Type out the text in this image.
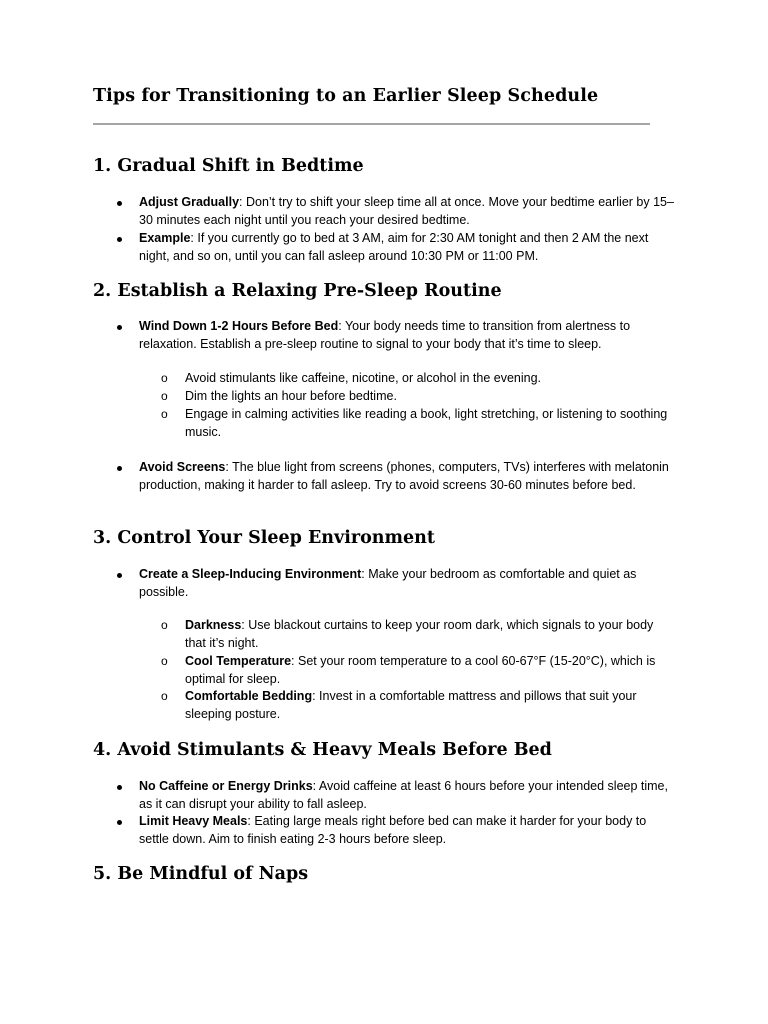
Tips for Transitioning to an Earlier Sleep Schedule
1. Gradual Shift in Bedtime
Adjust Gradually: Don’t try to shift your sleep time all at once. Move your bedtime earlier by 15–30 minutes each night until you reach your desired bedtime.
Example: If you currently go to bed at 3 AM, aim for 2:30 AM tonight and then 2 AM the next night, and so on, until you can fall asleep around 10:30 PM or 11:00 PM.
2. Establish a Relaxing Pre-Sleep Routine
Wind Down 1-2 Hours Before Bed: Your body needs time to transition from alertness to relaxation. Establish a pre-sleep routine to signal to your body that it’s time to sleep.
o Avoid stimulants like caffeine, nicotine, or alcohol in the evening.
o Dim the lights an hour before bedtime.
o Engage in calming activities like reading a book, light stretching, or listening to soothing music.
Avoid Screens: The blue light from screens (phones, computers, TVs) interferes with melatonin production, making it harder to fall asleep. Try to avoid screens 30-60 minutes before bed.
3. Control Your Sleep Environment
Create a Sleep-Inducing Environment: Make your bedroom as comfortable and quiet as possible.
o Darkness: Use blackout curtains to keep your room dark, which signals to your body that it’s night.
o Cool Temperature: Set your room temperature to a cool 60-67°F (15-20°C), which is optimal for sleep.
o Comfortable Bedding: Invest in a comfortable mattress and pillows that suit your sleeping posture.
4. Avoid Stimulants & Heavy Meals Before Bed
No Caffeine or Energy Drinks: Avoid caffeine at least 6 hours before your intended sleep time, as it can disrupt your ability to fall asleep.
Limit Heavy Meals: Eating large meals right before bed can make it harder for your body to settle down. Aim to finish eating 2-3 hours before sleep.
5. Be Mindful of Naps
